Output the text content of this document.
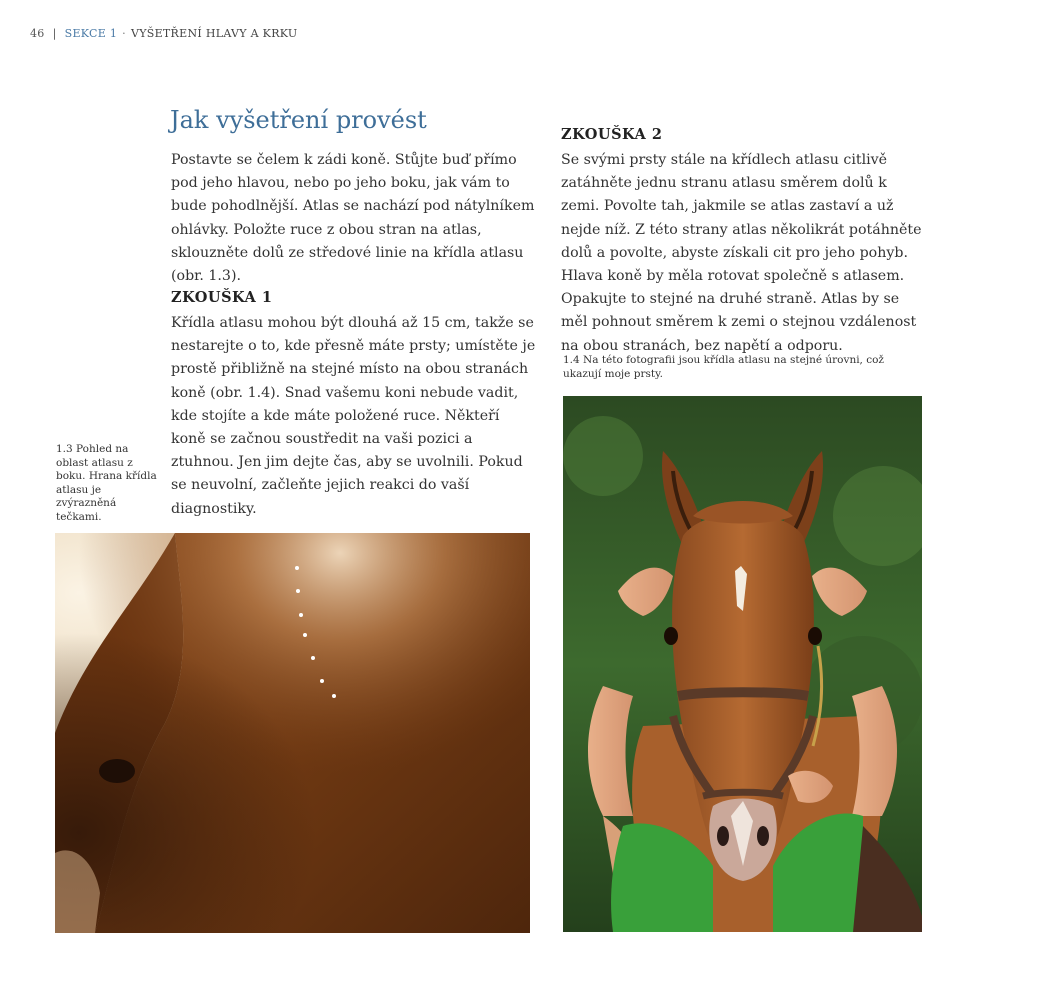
46 | SEKCE 1 · VYŠETŘENÍ HLAVY A KRKU
Jak vyšetření provést
Postavte se čelem k zádi koně. Stůjte buď přímo pod jeho hlavou, nebo po jeho boku, jak vám to bude pohodlnější. Atlas se nachází pod nátylníkem ohlávky. Položte ruce z obou stran na atlas, sklouzněte dolů ze středové linie na křídla atlasu (obr. 1.3).
ZKOUŠKA 1
Křídla atlasu mohou být dlouhá až 15 cm, takže se nestarejte o to, kde přesně máte prsty; umístěte je prostě přibližně na stejné místo na obou stranách koně (obr. 1.4). Snad vašemu koni nebude vadit, kde stojíte a kde máte položené ruce. Někteří koně se začnou soustředit na vaši pozici a ztuhnou. Jen jim dejte čas, aby se uvolnili. Pokud se neuvolní, začleňte jejich reakci do vaší diagnostiky.
ZKOUŠKA 2
Se svými prsty stále na křídlech atlasu citlivě zatáhněte jednu stranu atlasu směrem dolů k zemi. Povolte tah, jakmile se atlas zastaví a už nejde níž. Z této strany atlas několikrát potáhněte dolů a povolte, abyste získali cit pro jeho pohyb. Hlava koně by měla rotovat společně s atlasem. Opakujte to stejné na druhé straně. Atlas by se měl pohnout směrem k zemi o stejnou vzdálenost na obou stranách, bez napětí a odporu.
1.3 Pohled na oblast atlasu z boku. Hrana křídla atlasu je zvýrazněná tečkami.
1.4 Na této fotografii jsou křídla atlasu na stejné úrovni, což ukazují moje prsty.
